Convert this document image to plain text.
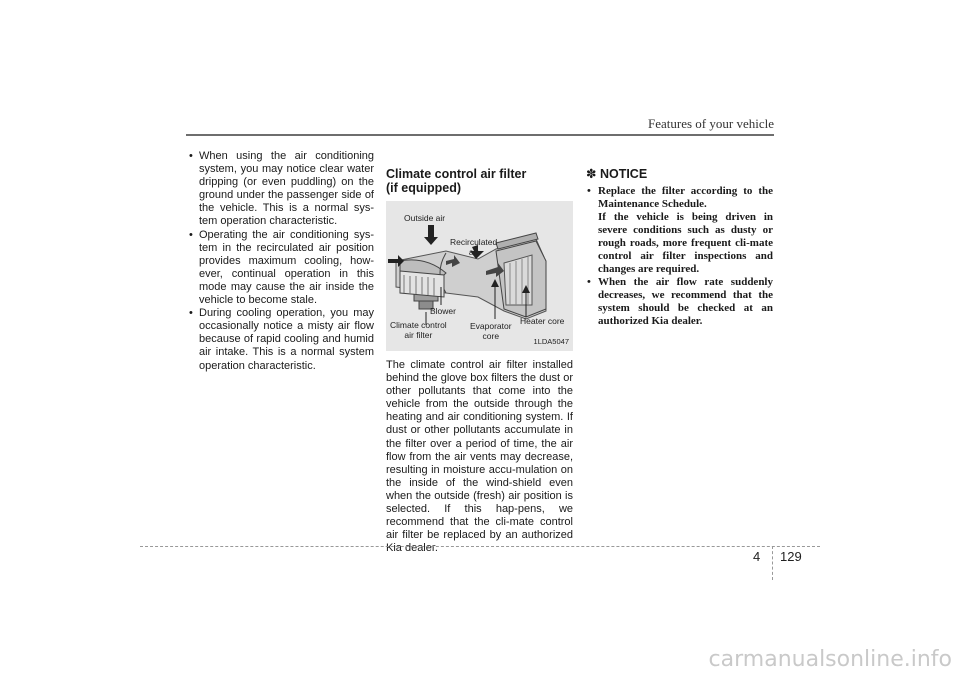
Features of your vehicle
• When using the air conditioning system, you may notice clear water dripping (or even puddling) on the ground under the passenger side of the vehicle. This is a normal sys-tem operation characteristic.
• Operating the air conditioning sys-tem in the recirculated air position provides maximum cooling, how-ever, continual operation in this mode may cause the air inside the vehicle to become stale.
• During cooling operation, you may occasionally notice a misty air flow because of rapid cooling and humid air intake. This is a normal system operation characteristic.
Climate control air filter
(if equipped)
Outside air
Recirculated
air
Blower
Climate control
air filter
Evaporator
core
Heater core
1LDA5047
The climate control air filter installed behind the glove box filters the dust or other pollutants that come into the vehicle from the outside through the heating and air conditioning system. If dust or other pollutants accumulate in the filter over a period of time, the air flow from the air vents may decrease, resulting in moisture accu-mulation on the inside of the wind-shield even when the outside (fresh) air position is selected. If this hap-pens, we recommend that the cli-mate control air filter be replaced by an authorized Kia dealer.
✽ NOTICE
• Replace the filter according to the Maintenance Schedule.
If the vehicle is being driven in severe conditions such as dusty or rough roads, more frequent cli-mate control air filter inspections and changes are required.
• When the air flow rate suddenly decreases, we recommend that the system should be checked at an authorized Kia dealer.
4 129
carmanualsonline.info
